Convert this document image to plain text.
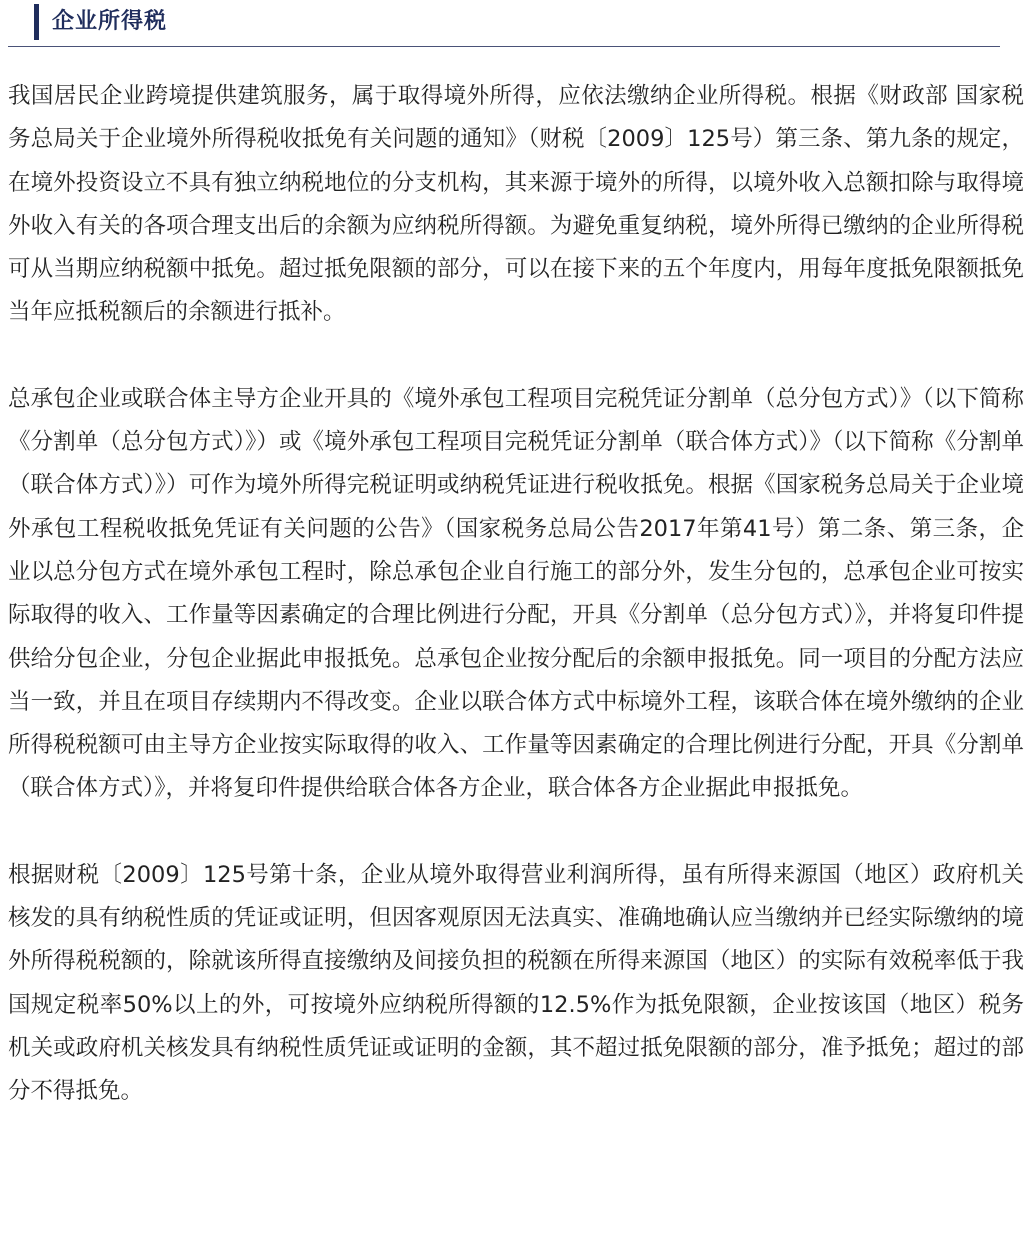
企业所得税

我国居民企业跨境提供建筑服务，属于取得境外所得，应依法缴纳企业所得税。根据《财政部 国家税务总局关于企业境外所得税收抵免有关问题的通知》（财税〔2009〕125号）第三条、第九条的规定，在境外投资设立不具有独立纳税地位的分支机构，其来源于境外的所得，以境外收入总额扣除与取得境外收入有关的各项合理支出后的余额为应纳税所得额。为避免重复纳税，境外所得已缴纳的企业所得税可从当期应纳税额中抵免。超过抵免限额的部分，可以在接下来的五个年度内，用每年度抵免限额抵免当年应抵税额后的余额进行抵补。

总承包企业或联合体主导方企业开具的《境外承包工程项目完税凭证分割单（总分包方式）》（以下简称《分割单（总分包方式）》）或《境外承包工程项目完税凭证分割单（联合体方式）》（以下简称《分割单（联合体方式）》）可作为境外所得完税证明或纳税凭证进行税收抵免。根据《国家税务总局关于企业境外承包工程税收抵免凭证有关问题的公告》（国家税务总局公告2017年第41号）第二条、第三条，企业以总分包方式在境外承包工程时，除总承包企业自行施工的部分外，发生分包的，总承包企业可按实际取得的收入、工作量等因素确定的合理比例进行分配，开具《分割单（总分包方式）》，并将复印件提供给分包企业，分包企业据此申报抵免。总承包企业按分配后的余额申报抵免。同一项目的分配方法应当一致，并且在项目存续期内不得改变。企业以联合体方式中标境外工程，该联合体在境外缴纳的企业所得税税额可由主导方企业按实际取得的收入、工作量等因素确定的合理比例进行分配，开具《分割单（联合体方式）》，并将复印件提供给联合体各方企业，联合体各方企业据此申报抵免。

根据财税〔2009〕125号第十条，企业从境外取得营业利润所得，虽有所得来源国（地区）政府机关核发的具有纳税性质的凭证或证明，但因客观原因无法真实、准确地确认应当缴纳并已经实际缴纳的境外所得税税额的，除就该所得直接缴纳及间接负担的税额在所得来源国（地区）的实际有效税率低于我国规定税率50%以上的外，可按境外应纳税所得额的12.5%作为抵免限额，企业按该国（地区）税务机关或政府机关核发具有纳税性质凭证或证明的金额，其不超过抵免限额的部分，准予抵免；超过的部分不得抵免。
